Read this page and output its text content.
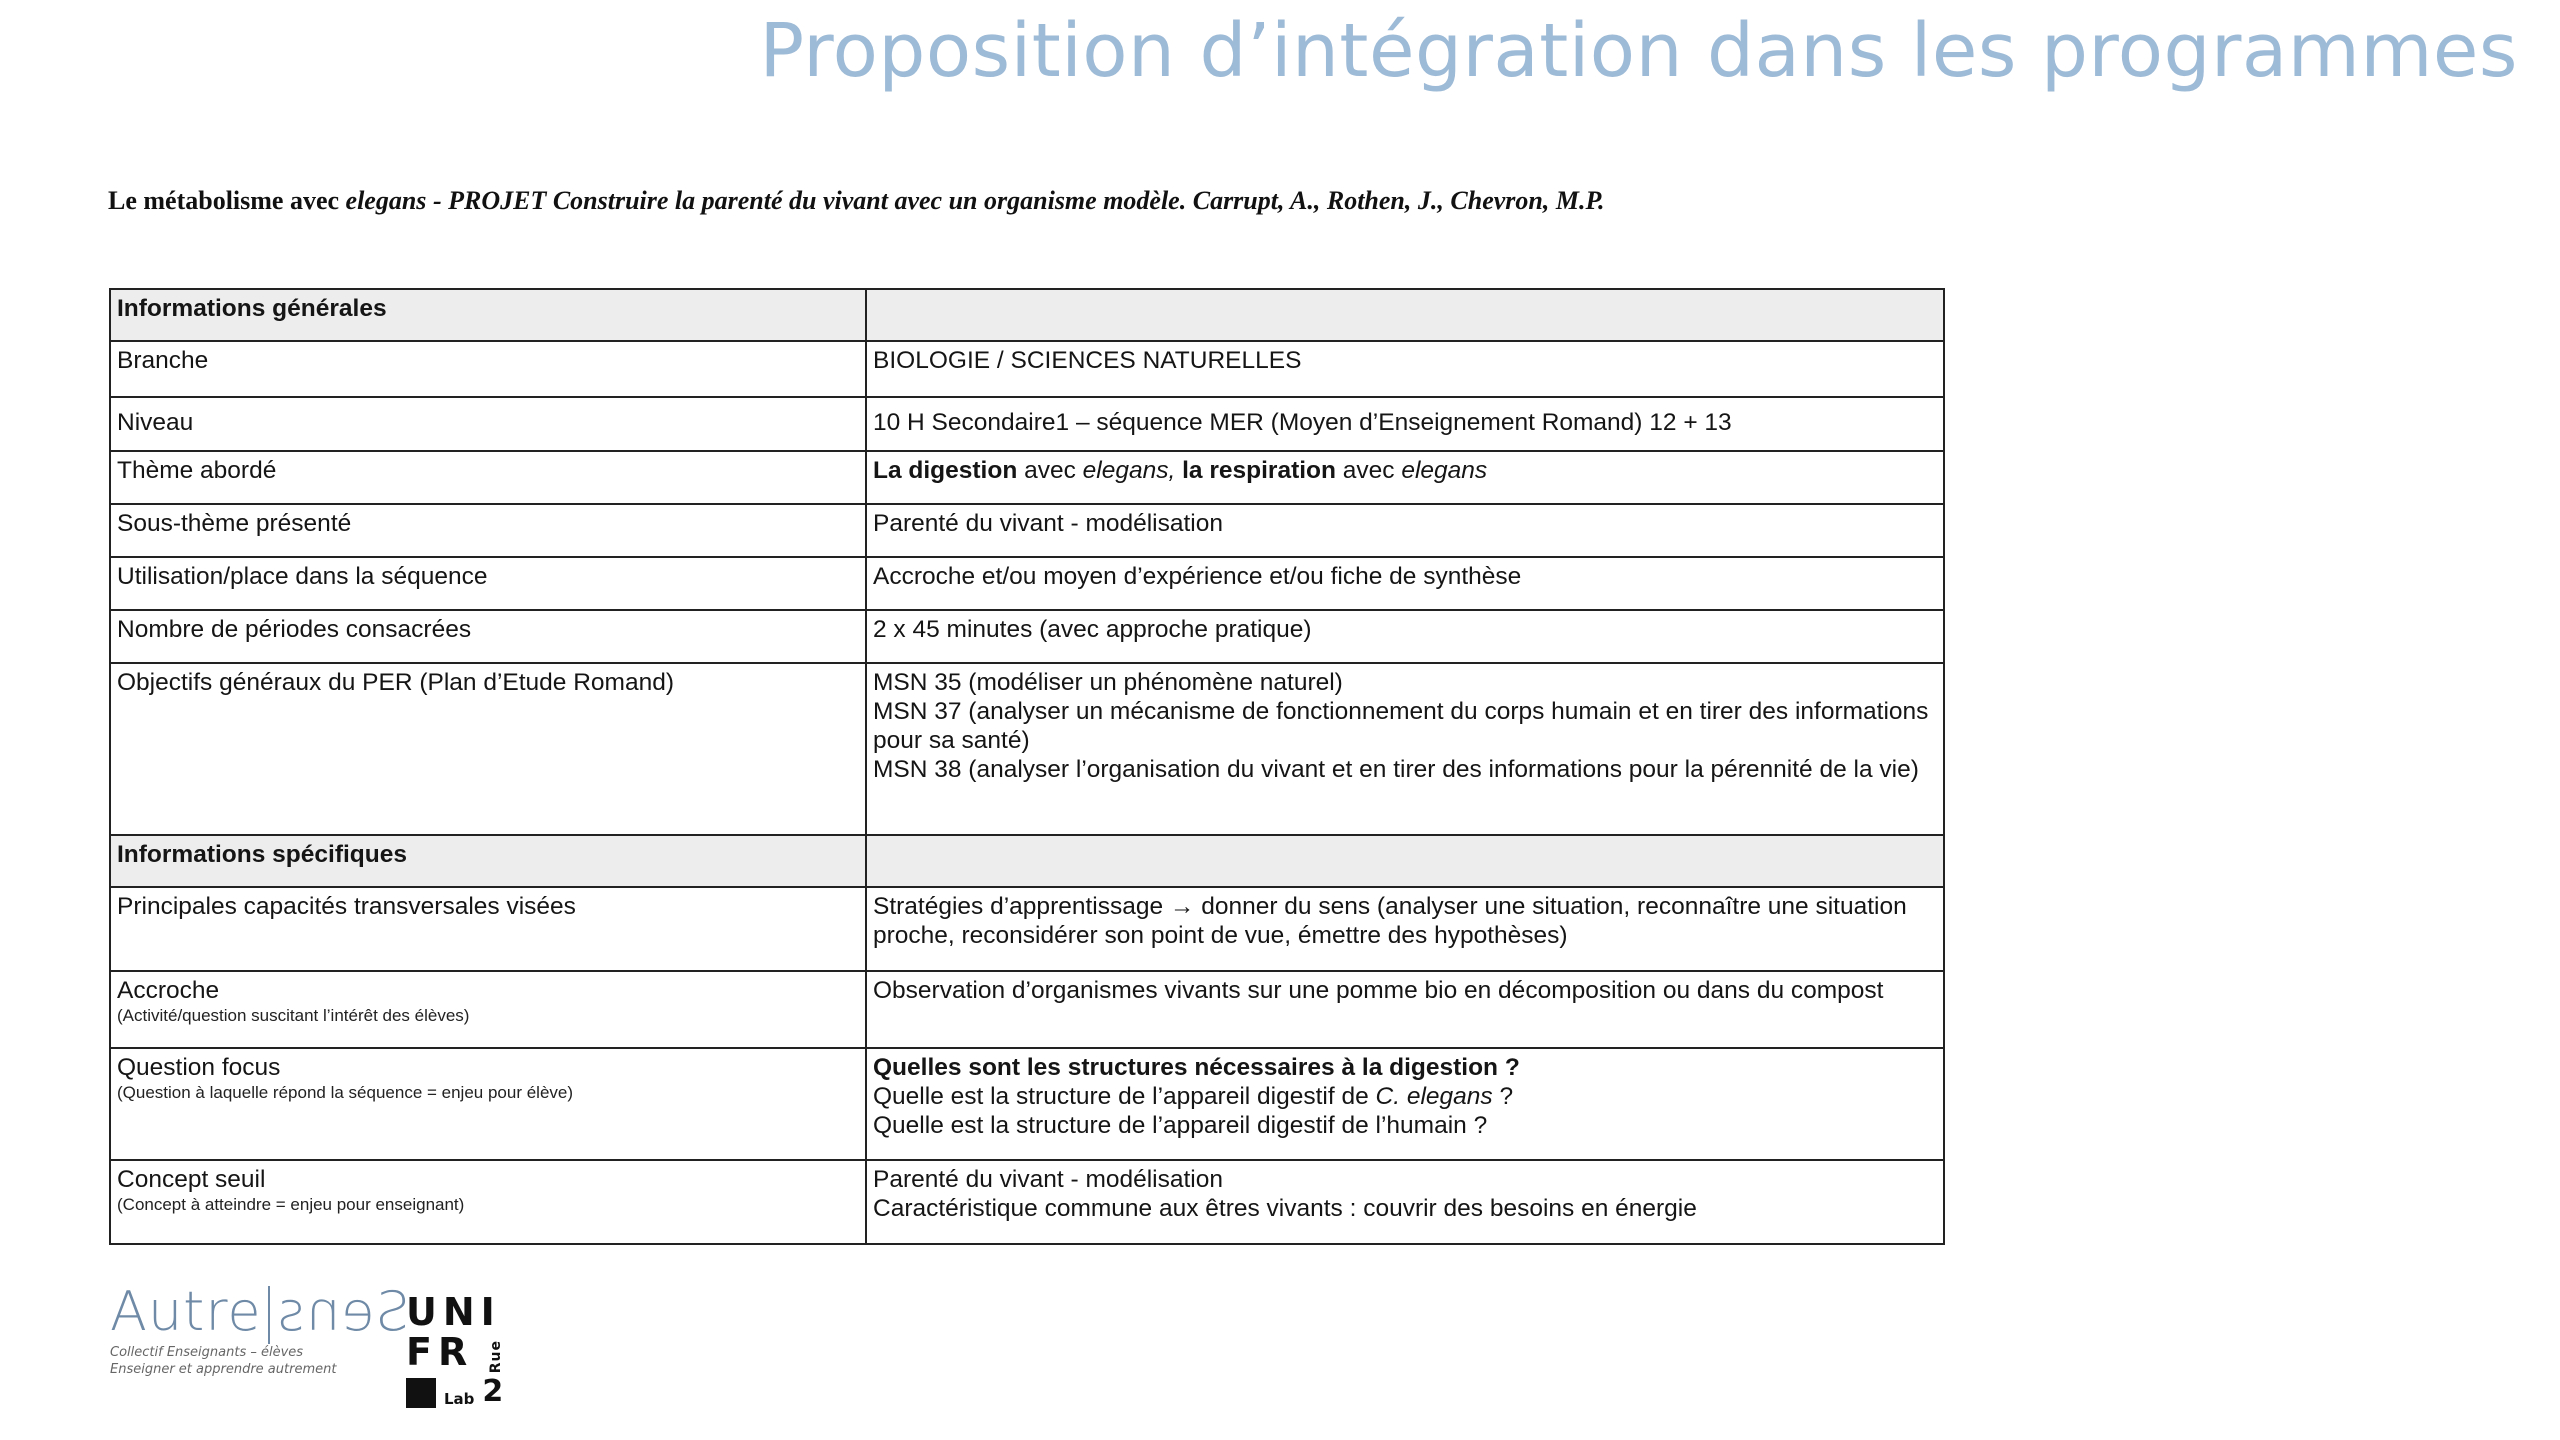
Proposition d’intégration dans les programmes
Le métabolisme avec elegans - PROJET Construire la parenté du vivant avec un organisme modèle. Carrupt, A., Rothen, J., Chevron, M.P.
Informations générales	
Branche	BIOLOGIE / SCIENCES NATURELLES
Niveau	10 H Secondaire1 – séquence MER (Moyen d’Enseignement Romand) 12 + 13
Thème abordé	La digestion avec elegans, la respiration avec elegans
Sous-thème présenté	Parenté du vivant - modélisation
Utilisation/place dans la séquence	Accroche et/ou moyen d’expérience et/ou fiche de synthèse
Nombre de périodes consacrées	2 x 45 minutes (avec approche pratique)
Objectifs généraux du PER (Plan d’Etude Romand)	MSN 35 (modéliser un phénomène naturel)
MSN 37 (analyser un mécanisme de fonctionnement du corps humain et en tirer des informations pour sa santé)
MSN 38 (analyser l’organisation du vivant et en tirer des informations pour la pérennité de la vie)

Informations spécifiques	
Principales capacités transversales visées	Stratégies d’apprentissage → donner du sens (analyser une situation, reconnaître une situation proche, reconsidérer son point de vue, émettre des hypothèses)
Accroche
(Activité/question suscitant l’intérêt des élèves)	Observation d’organismes vivants sur une pomme bio en décomposition ou dans du compost
Question focus
(Question à laquelle répond la séquence = enjeu pour élève)	Quelles sont les structures nécessaires à la digestion ?
Quelle est la structure de l’appareil digestif de C. elegans ?
Quelle est la structure de l’appareil digestif de l’humain ?

Concept seuil
(Concept à atteindre = enjeu pour enseignant)	Parenté du vivant - modélisation
Caractéristique commune aux êtres vivants : couvrir des besoins en énergie
Autre Sens
Collectif Enseignants – élèves
Enseigner et apprendre autrement
UNI
FR	Rue
Lab 2
